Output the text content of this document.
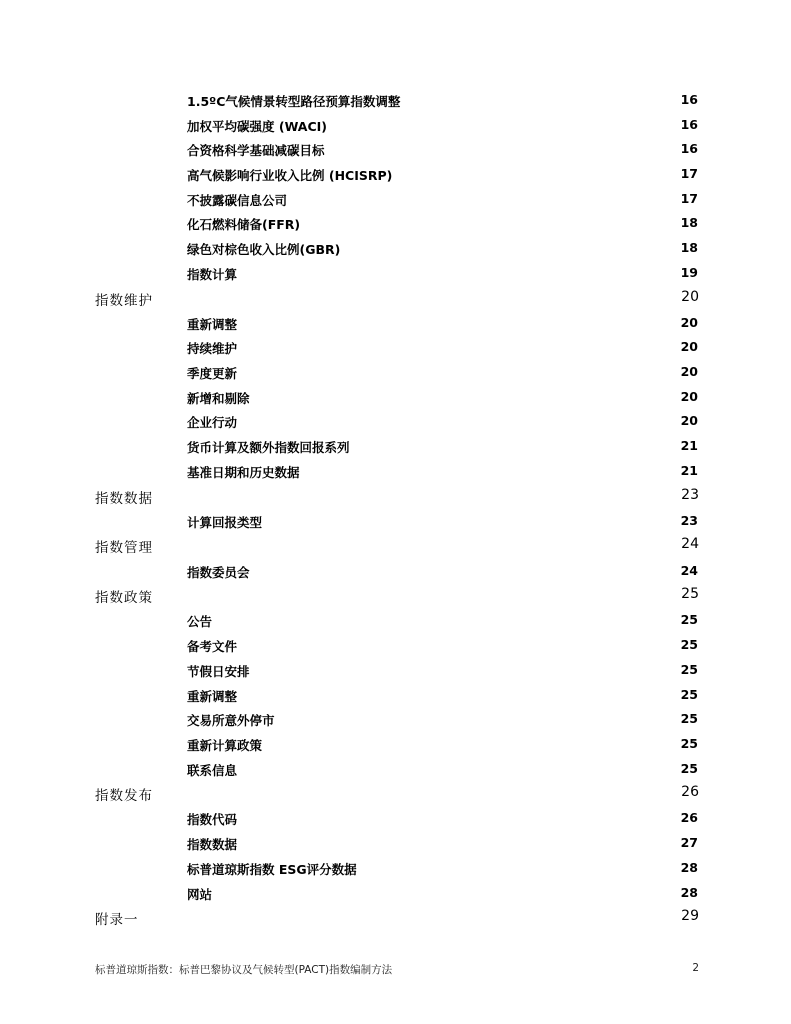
1.5ºC气候情景转型路径预算指数调整	16
加权平均碳强度 (WACI)	16
合资格科学基础减碳目标	16
高气候影响行业收入比例 (HCISRP)	17
不披露碳信息公司	17
化石燃料储备(FFR)	18
绿色对棕色收入比例(GBR)	18
指数计算	19
指数维护	20
重新调整	20
持续维护	20
季度更新	20
新增和剔除	20
企业行动	20
货币计算及额外指数回报系列	21
基准日期和历史数据	21
指数数据	23
计算回报类型	23
指数管理	24
指数委员会	24
指数政策	25
公告	25
备考文件	25
节假日安排	25
重新调整	25
交易所意外停市	25
重新计算政策	25
联系信息	25
指数发布	26
指数代码	26
指数数据	27
标普道琼斯指数 ESG评分数据	28
网站	28
附录一	29
标普道琼斯指数：标普巴黎协议及气候转型(PACT)指数编制方法	2
